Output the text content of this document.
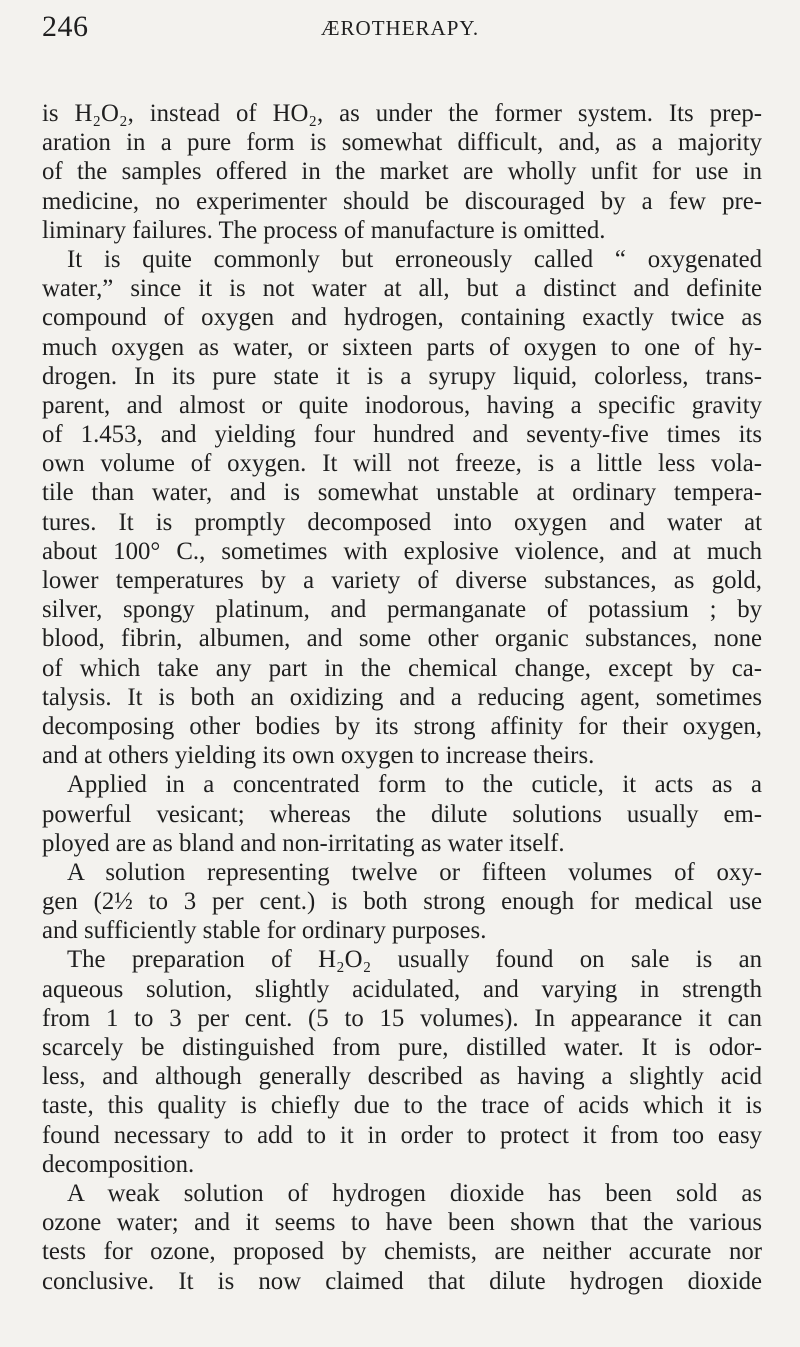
246	ÆROTHERAPY.
is H₂O₂, instead of HO₂, as under the former system. Its prep-
aration in a pure form is somewhat difficult, and, as a majority
of the samples offered in the market are wholly unfit for use in
medicine, no experimenter should be discouraged by a few pre-
liminary failures. The process of manufacture is omitted.
It is quite commonly but erroneously called “ oxygenated
water,” since it is not water at all, but a distinct and definite
compound of oxygen and hydrogen, containing exactly twice as
much oxygen as water, or sixteen parts of oxygen to one of hy-
drogen. In its pure state it is a syrupy liquid, colorless, trans-
parent, and almost or quite inodorous, having a specific gravity
of 1.453, and yielding four hundred and seventy-five times its
own volume of oxygen. It will not freeze, is a little less vola-
tile than water, and is somewhat unstable at ordinary tempera-
tures. It is promptly decomposed into oxygen and water at
about 100° C., sometimes with explosive violence, and at much
lower temperatures by a variety of diverse substances, as gold,
silver, spongy platinum, and permanganate of potassium ; by
blood, fibrin, albumen, and some other organic substances, none
of which take any part in the chemical change, except by ca-
talysis. It is both an oxidizing and a reducing agent, sometimes
decomposing other bodies by its strong affinity for their oxygen,
and at others yielding its own oxygen to increase theirs.
Applied in a concentrated form to the cuticle, it acts as a
powerful vesicant; whereas the dilute solutions usually em-
ployed are as bland and non-irritating as water itself.
A solution representing twelve or fifteen volumes of oxy-
gen (2½ to 3 per cent.) is both strong enough for medical use
and sufficiently stable for ordinary purposes.
The preparation of H₂O₂ usually found on sale is an
aqueous solution, slightly acidulated, and varying in strength
from 1 to 3 per cent. (5 to 15 volumes). In appearance it can
scarcely be distinguished from pure, distilled water. It is odor-
less, and although generally described as having a slightly acid
taste, this quality is chiefly due to the trace of acids which it is
found necessary to add to it in order to protect it from too easy
decomposition.
A weak solution of hydrogen dioxide has been sold as
ozone water; and it seems to have been shown that the various
tests for ozone, proposed by chemists, are neither accurate nor
conclusive. It is now claimed that dilute hydrogen dioxide
